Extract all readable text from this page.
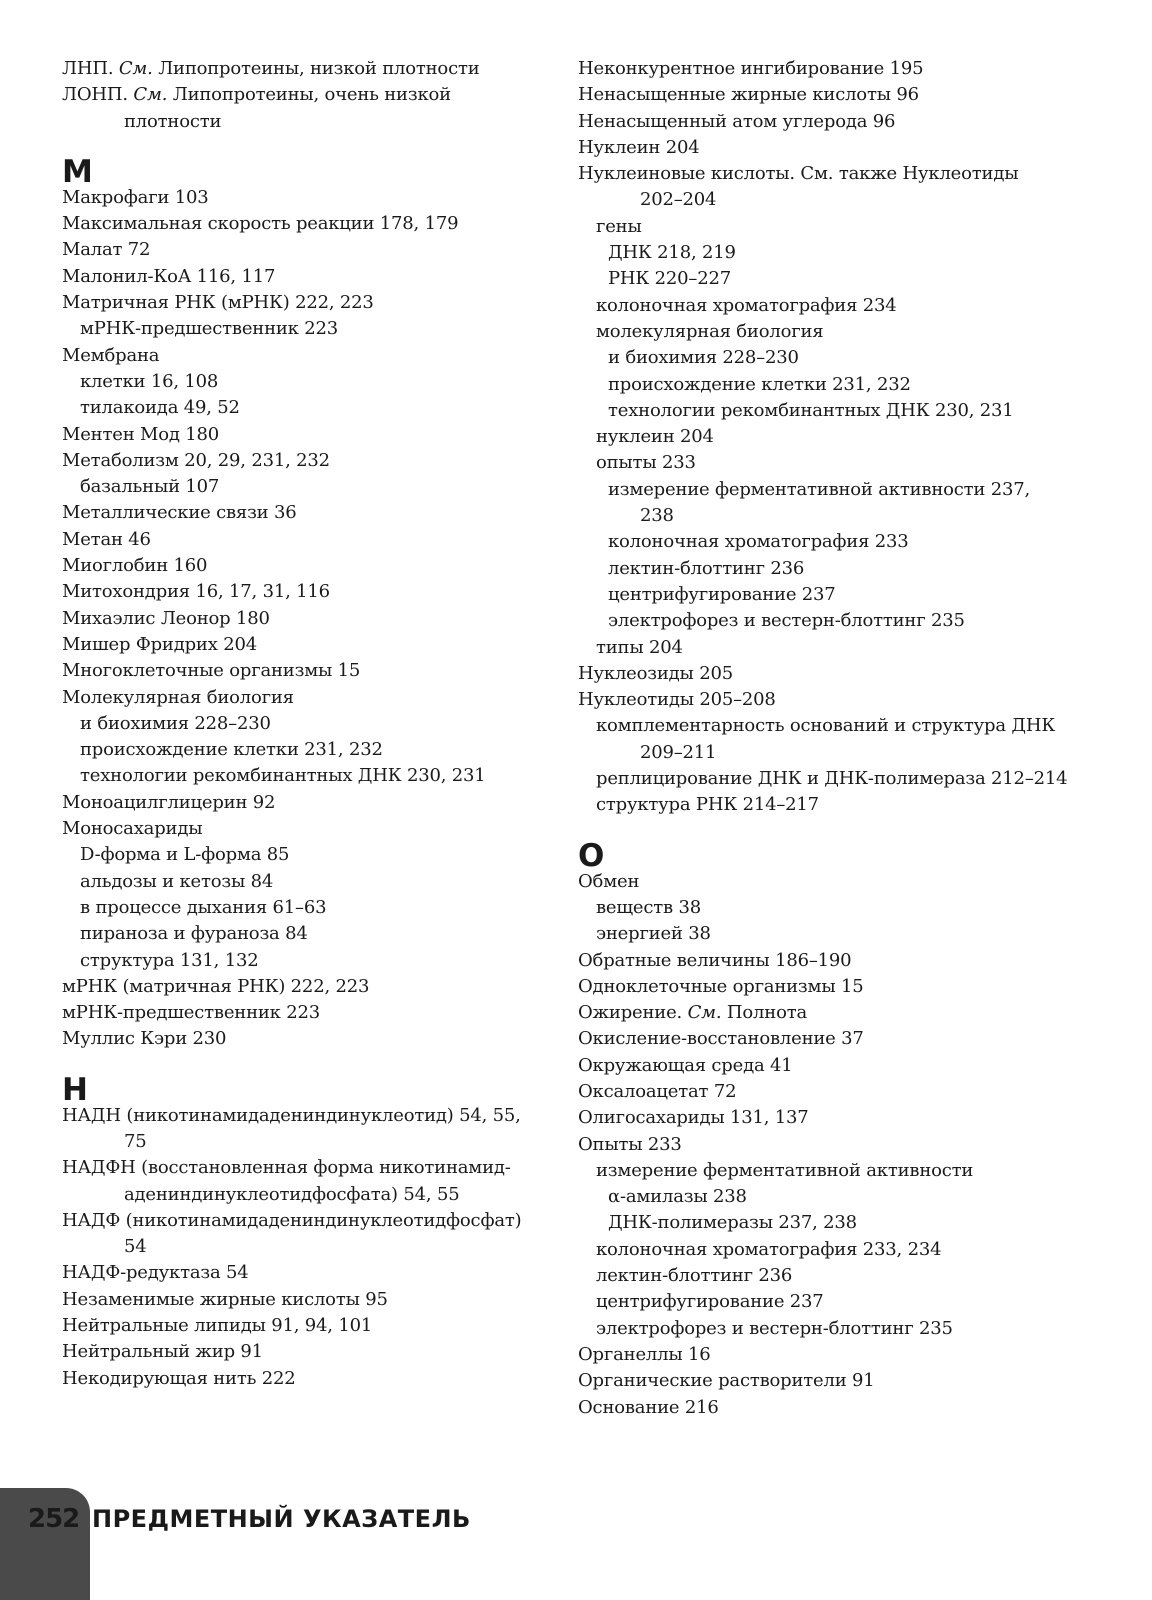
ЛНП. См. Липопротеины, низкой плотности
ЛОНП. См. Липопротеины, очень низкой
плотности
М
Макрофаги 103
Максимальная скорость реакции 178, 179
Малат 72
Малонил-КоА 116, 117
Матричная РНК (мРНК) 222, 223
мРНК-предшественник 223
Мембрана
клетки 16, 108
тилакоида 49, 52
Ментен Мод 180
Метаболизм 20, 29, 231, 232
базальный 107
Металлические связи 36
Метан 46
Миоглобин 160
Митохондрия 16, 17, 31, 116
Михаэлис Леонор 180
Мишер Фридрих 204
Многоклеточные организмы 15
Молекулярная биология
и биохимия 228–230
происхождение клетки 231, 232
технологии рекомбинантных ДНК 230, 231
Моноацилглицерин 92
Моносахариды
D-форма и L-форма 85
альдозы и кетозы 84
в процессе дыхания 61–63
пираноза и фураноза 84
структура 131, 132
мРНК (матричная РНК) 222, 223
мРНК-предшественник 223
Муллис Кэри 230
Н
НАДН (никотинамидадениндинуклеотид) 54, 55,
75
НАДФН (восстановленная форма никотинамид-
адениндинуклеотидфосфата) 54, 55
НАДФ (никотинамидадениндинуклеотидфосфат)
54
НАДФ-редуктаза 54
Незаменимые жирные кислоты 95
Нейтральные липиды 91, 94, 101
Нейтральный жир 91
Некодирующая нить 222
Неконкурентное ингибирование 195
Ненасыщенные жирные кислоты 96
Ненасыщенный атом углерода 96
Нуклеин 204
Нуклеиновые кислоты. См. также Нуклеотиды
202–204
гены
ДНК 218, 219
РНК 220–227
колоночная хроматография 234
молекулярная биология
и биохимия 228–230
происхождение клетки 231, 232
технологии рекомбинантных ДНК 230, 231
нуклеин 204
опыты 233
измерение ферментативной активности 237,
238
колоночная хроматография 233
лектин-блоттинг 236
центрифугирование 237
электрофорез и вестерн-блоттинг 235
типы 204
Нуклеозиды 205
Нуклеотиды 205–208
комплементарность оснований и структура ДНК
209–211
реплицирование ДНК и ДНК-полимераза 212–214
структура РНК 214–217
О
Обмен
веществ 38
энергией 38
Обратные величины 186–190
Одноклеточные организмы 15
Ожирение. См. Полнота
Окисление-восстановление 37
Окружающая среда 41
Оксалоацетат 72
Олигосахариды 131, 137
Опыты 233
измерение ферментативной активности
α-амилазы 238
ДНК-полимеразы 237, 238
колоночная хроматография 233, 234
лектин-блоттинг 236
центрифугирование 237
электрофорез и вестерн-блоттинг 235
Органеллы 16
Органические растворители 91
Основание 216
252 ПРЕДМЕТНЫЙ УКАЗАТЕЛЬ
